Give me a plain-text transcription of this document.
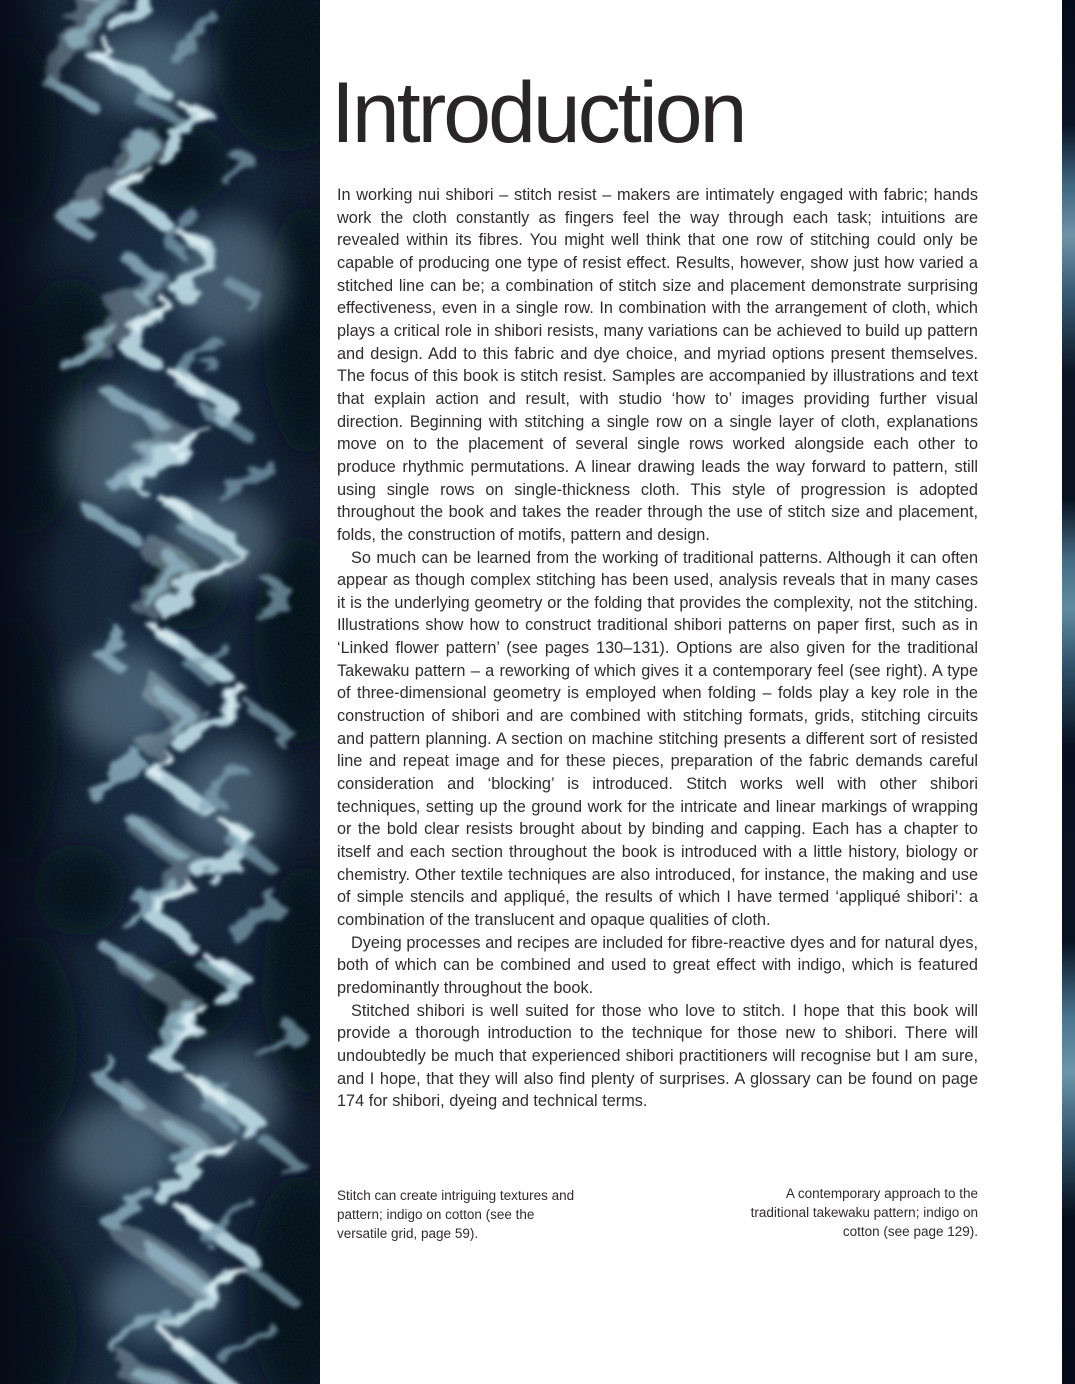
Introduction

In working nui shibori – stitch resist – makers are intimately engaged with fabric; hands work the cloth constantly as fingers feel the way through each task; intuitions are revealed within its fibres. You might well think that one row of stitching could only be capable of producing one type of resist effect. Results, however, show just how varied a stitched line can be; a combination of stitch size and placement demonstrate surprising effectiveness, even in a single row. In combination with the arrangement of cloth, which plays a critical role in shibori resists, many variations can be achieved to build up pattern and design. Add to this fabric and dye choice, and myriad options present themselves. The focus of this book is stitch resist. Samples are accompanied by illustrations and text that explain action and result, with studio ‘how to’ images providing further visual direction. Beginning with stitching a single row on a single layer of cloth, explanations move on to the placement of several single rows worked alongside each other to produce rhythmic permutations. A linear drawing leads the way forward to pattern, still using single rows on single-thickness cloth. This style of progression is adopted throughout the book and takes the reader through the use of stitch size and placement, folds, the construction of motifs, pattern and design.

So much can be learned from the working of traditional patterns. Although it can often appear as though complex stitching has been used, analysis reveals that in many cases it is the underlying geometry or the folding that provides the complexity, not the stitching. Illustrations show how to construct traditional shibori patterns on paper first, such as in ‘Linked flower pattern’ (see pages 130–131). Options are also given for the traditional Takewaku pattern – a reworking of which gives it a contemporary feel (see right). A type of three-dimensional geometry is employed when folding – folds play a key role in the construction of shibori and are combined with stitching formats, grids, stitching circuits and pattern planning. A section on machine stitching presents a different sort of resisted line and repeat image and for these pieces, preparation of the fabric demands careful consideration and ‘blocking’ is introduced. Stitch works well with other shibori techniques, setting up the ground work for the intricate and linear markings of wrapping or the bold clear resists brought about by binding and capping. Each has a chapter to itself and each section throughout the book is introduced with a little history, biology or chemistry. Other textile techniques are also introduced, for instance, the making and use of simple stencils and appliqué, the results of which I have termed ‘appliqué shibori’: a combination of the translucent and opaque qualities of cloth.

Dyeing processes and recipes are included for fibre-reactive dyes and for natural dyes, both of which can be combined and used to great effect with indigo, which is featured predominantly throughout the book.

Stitched shibori is well suited for those who love to stitch. I hope that this book will provide a thorough introduction to the technique for those new to shibori. There will undoubtedly be much that experienced shibori practitioners will recognise but I am sure, and I hope, that they will also find plenty of surprises. A glossary can be found on page 174 for shibori, dyeing and technical terms.

Stitch can create intriguing textures and pattern; indigo on cotton (see the versatile grid, page 59).

A contemporary approach to the traditional takewaku pattern; indigo on cotton (see page 129).
